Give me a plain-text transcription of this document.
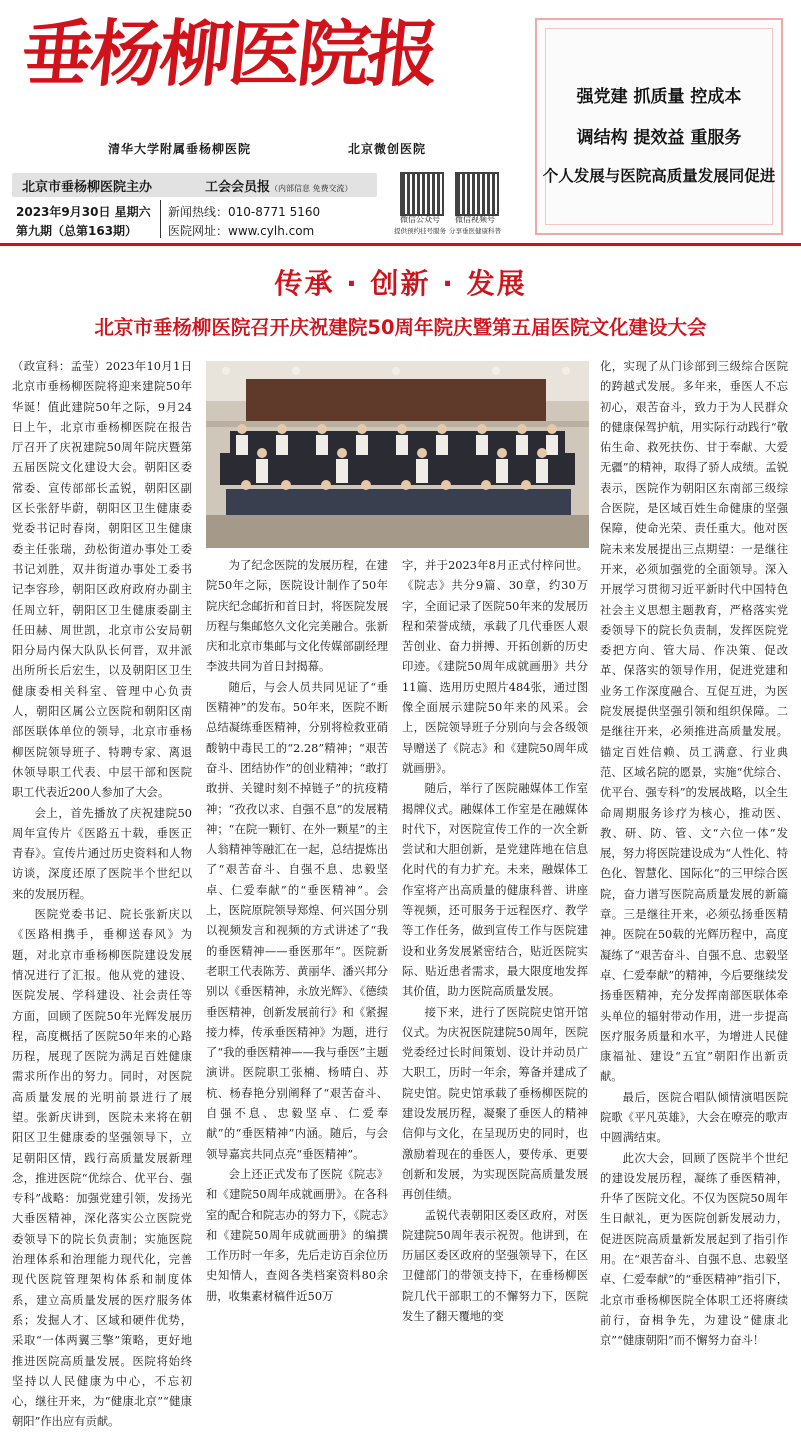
垂杨柳医院报
清华大学附属垂杨柳医院	北京微创医院
强党建 抓质量 控成本
调结构 提效益 重服务
个人发展与医院高质量发展同促进
北京市垂杨柳医院主办	工会会员报（内部信息 免费交流）
2023年9月30日 星期六
第九期（总第163期）
新闻热线：010-8771 5160
医院网址：www.cylh.com
微信公众号
提供预约挂号服务
微信视频号
分享垂医健康科普
传承 · 创新 · 发展
北京市垂杨柳医院召开庆祝建院50周年院庆暨第五届医院文化建设大会

（政宣科：孟莹）2023年10月1日北京市垂杨柳医院将迎来建院50年华诞！值此建院50年之际，9月24日上午，北京市垂杨柳医院在报告厅召开了庆祝建院50周年院庆暨第五届医院文化建设大会。朝阳区委常委、宣传部部长孟锐，朝阳区副区长张舒毕蔚，朝阳区卫生健康委党委书记时春岗，朝阳区卫生健康委主任张瑞，劲松街道办事处工委书记刘胜，双井街道办事处工委书记李容珍，朝阳区政府政府办副主任周立轩，朝阳区卫生健康委副主任田赫、周世凯，北京市公安局朝阳分局内保大队队长何晋，双井派出所所长后宏生，以及朝阳区卫生健康委相关科室、管理中心负责人，朝阳区属公立医院和朝阳区南部医联体单位的领导，北京市垂杨柳医院领导班子、特聘专家、离退休领导职工代表、中层干部和医院职工代表近200人参加了大会。

会上，首先播放了庆祝建院50周年宣传片《医路五十载，垂医正青春》。宣传片通过历史资料和人物访谈，深度还原了医院半个世纪以来的发展历程。

医院党委书记、院长张新庆以《医路相携手，垂柳送春风》为题，对北京市垂杨柳医院建设发展情况进行了汇报。他从党的建设、医院发展、学科建设、社会责任等方面，回顾了医院50年光辉发展历程，高度概括了医院50年来的心路历程，展现了医院为满足百姓健康需求所作出的努力。同时，对医院高质量发展的光明前景进行了展望。张新庆讲到，医院未来将在朝阳区卫生健康委的坚强领导下，立足朝阳区情，践行高质量发展新理念，推进医院“优综合、优平台、强专科”战略：加强党建引领，发扬光大垂医精神，深化落实公立医院党委领导下的院长负责制；实施医院治理体系和治理能力现代化，完善现代医院管理架构体系和制度体系，建立高质量发展的医疗服务体系；发掘人才、区域和硬件优势，采取“一体两翼三擎”策略，更好地推进医院高质量发展。医院将始终坚持以人民健康为中心，不忘初心，继往开来，为“健康北京”“健康朝阳”作出应有贡献。

为了纪念医院的发展历程，在建院50年之际，医院设计制作了50年院庆纪念邮折和首日封，将医院发展历程与集邮悠久文化完美融合。张新庆和北京市集邮与文化传媒部副经理李波共同为首日封揭幕。

随后，与会人员共同见证了“垂医精神”的发布。50年来，医院不断总结凝练垂医精神，分别将检救亚硝酸钠中毒民工的“2.28”精神；“艰苦奋斗、团结协作”的创业精神；“敢打敢拼、关键时刻不掉链子”的抗疫精神；“孜孜以求、自强不息”的发展精神；“在院一颗钉、在外一颗星”的主人翁精神等融汇在一起，总结提炼出了“艰苦奋斗、自强不息、忠毅坚卓、仁爱奉献”的“垂医精神”。会上，医院原院领导郑煌、何兴国分别以视频发言和视频的方式讲述了“我的垂医精神——垂医那年”。医院新老职工代表陈芳、黄丽华、潘兴邦分别以《垂医精神，永放光辉》、《德续垂医精神，创新发展前行》和《紧握接力棒，传承垂医精神》为题，进行了“我的垂医精神——我与垂医”主题演讲。医院职工张楠、杨晴白、苏杭、杨春艳分别阐释了“艰苦奋斗、自强不息、忠毅坚卓、仁爱奉献”的“垂医精神”内涵。随后，与会领导嘉宾共同点亮“垂医精神”。

会上还正式发布了医院《院志》和《建院50周年成就画册》。在各科室的配合和院志办的努力下，《院志》和《建院50周年成就画册》的编撰工作历时一年多，先后走访百余位历史知情人，查阅各类档案资料80余册，收集素材稿件近50万

字，并于2023年8月正式付梓问世。《院志》共分9篇、30章，约30万字，全面记录了医院50年来的发展历程和荣誉成绩，承载了几代垂医人艰苦创业、奋力拼搏、开拓创新的历史印迹。《建院50周年成就画册》共分11篇、选用历史照片484张，通过图像全面展示建院50年来的风采。会上，医院领导班子分别向与会各级领导赠送了《院志》和《建院50周年成就画册》。

随后，举行了医院融媒体工作室揭牌仪式。融媒体工作室是在融媒体时代下，对医院宣传工作的一次全新尝试和大胆创新，是党建阵地在信息化时代的有力扩充。未来，融媒体工作室将产出高质量的健康科普、讲座等视频，还可服务于远程医疗、教学等工作任务，做到宣传工作与医院建设和业务发展紧密结合，贴近医院实际、贴近患者需求，最大限度地发挥其价值，助力医院高质量发展。

接下来，进行了医院院史馆开馆仪式。为庆祝医院建院50周年，医院党委经过长时间策划、设计并动员广大职工，历时一年余，筹备并建成了院史馆。院史馆承载了垂杨柳医院的建设发展历程，凝聚了垂医人的精神信仰与文化，在呈现历史的同时，也激励着现在的垂医人，要传承、更要创新和发展，为实现医院高质量发展再创佳绩。

孟锐代表朝阳区委区政府，对医院建院50周年表示祝贺。他讲到，在历届区委区政府的坚强领导下，在区卫健部门的带领支持下，在垂杨柳医院几代干部职工的不懈努力下，医院发生了翻天覆地的变

化，实现了从门诊部到三级综合医院的跨越式发展。多年来，垂医人不忘初心，艰苦奋斗，致力于为人民群众的健康保驾护航，用实际行动践行“敬佑生命、救死扶伤、甘于奉献、大爱无疆”的精神，取得了骄人成绩。孟锐表示，医院作为朝阳区东南部三级综合医院，是区域百姓生命健康的坚强保障，使命光荣、责任重大。他对医院未来发展提出三点期望：一是继往开来，必须加强党的全面领导。深入开展学习贯彻习近平新时代中国特色社会主义思想主题教育，严格落实党委领导下的院长负责制，发挥医院党委把方向、管大局、作决策、促改革、保落实的领导作用，促进党建和业务工作深度融合、互促互进，为医院发展提供坚强引领和组织保障。二是继往开来，必须推进高质量发展。锚定百姓信赖、员工满意、行业典范、区域名院的愿景，实施“优综合、优平台、强专科”的发展战略，以全生命周期服务诊疗为核心，推动医、教、研、防、管、文“六位一体”发展，努力将医院建设成为“人性化、特色化、智慧化、国际化”的三甲综合医院，奋力谱写医院高质量发展的新篇章。三是继往开来，必须弘扬垂医精神。医院在50载的光辉历程中，高度凝练了“艰苦奋斗、自强不息、忠毅坚卓、仁爱奉献”的精神，今后要继续发扬垂医精神，充分发挥南部医联体牵头单位的辐射带动作用，进一步提高医疗服务质量和水平，为增进人民健康福祉、建设“五宜”朝阳作出新贡献。

最后，医院合唱队倾情演唱医院院歌《平凡英雄》，大会在嘹亮的歌声中圆满结束。

此次大会，回顾了医院半个世纪的建设发展历程，凝练了垂医精神，升华了医院文化。不仅为医院50周年生日献礼，更为医院创新发展动力，促进医院高质量新发展起到了指引作用。在“艰苦奋斗、自强不息、忠毅坚卓、仁爱奉献”的“垂医精神”指引下，北京市垂杨柳医院全体职工还将赓续前行，奋楫争先，为建设“健康北京”“健康朝阳”而不懈努力奋斗！
